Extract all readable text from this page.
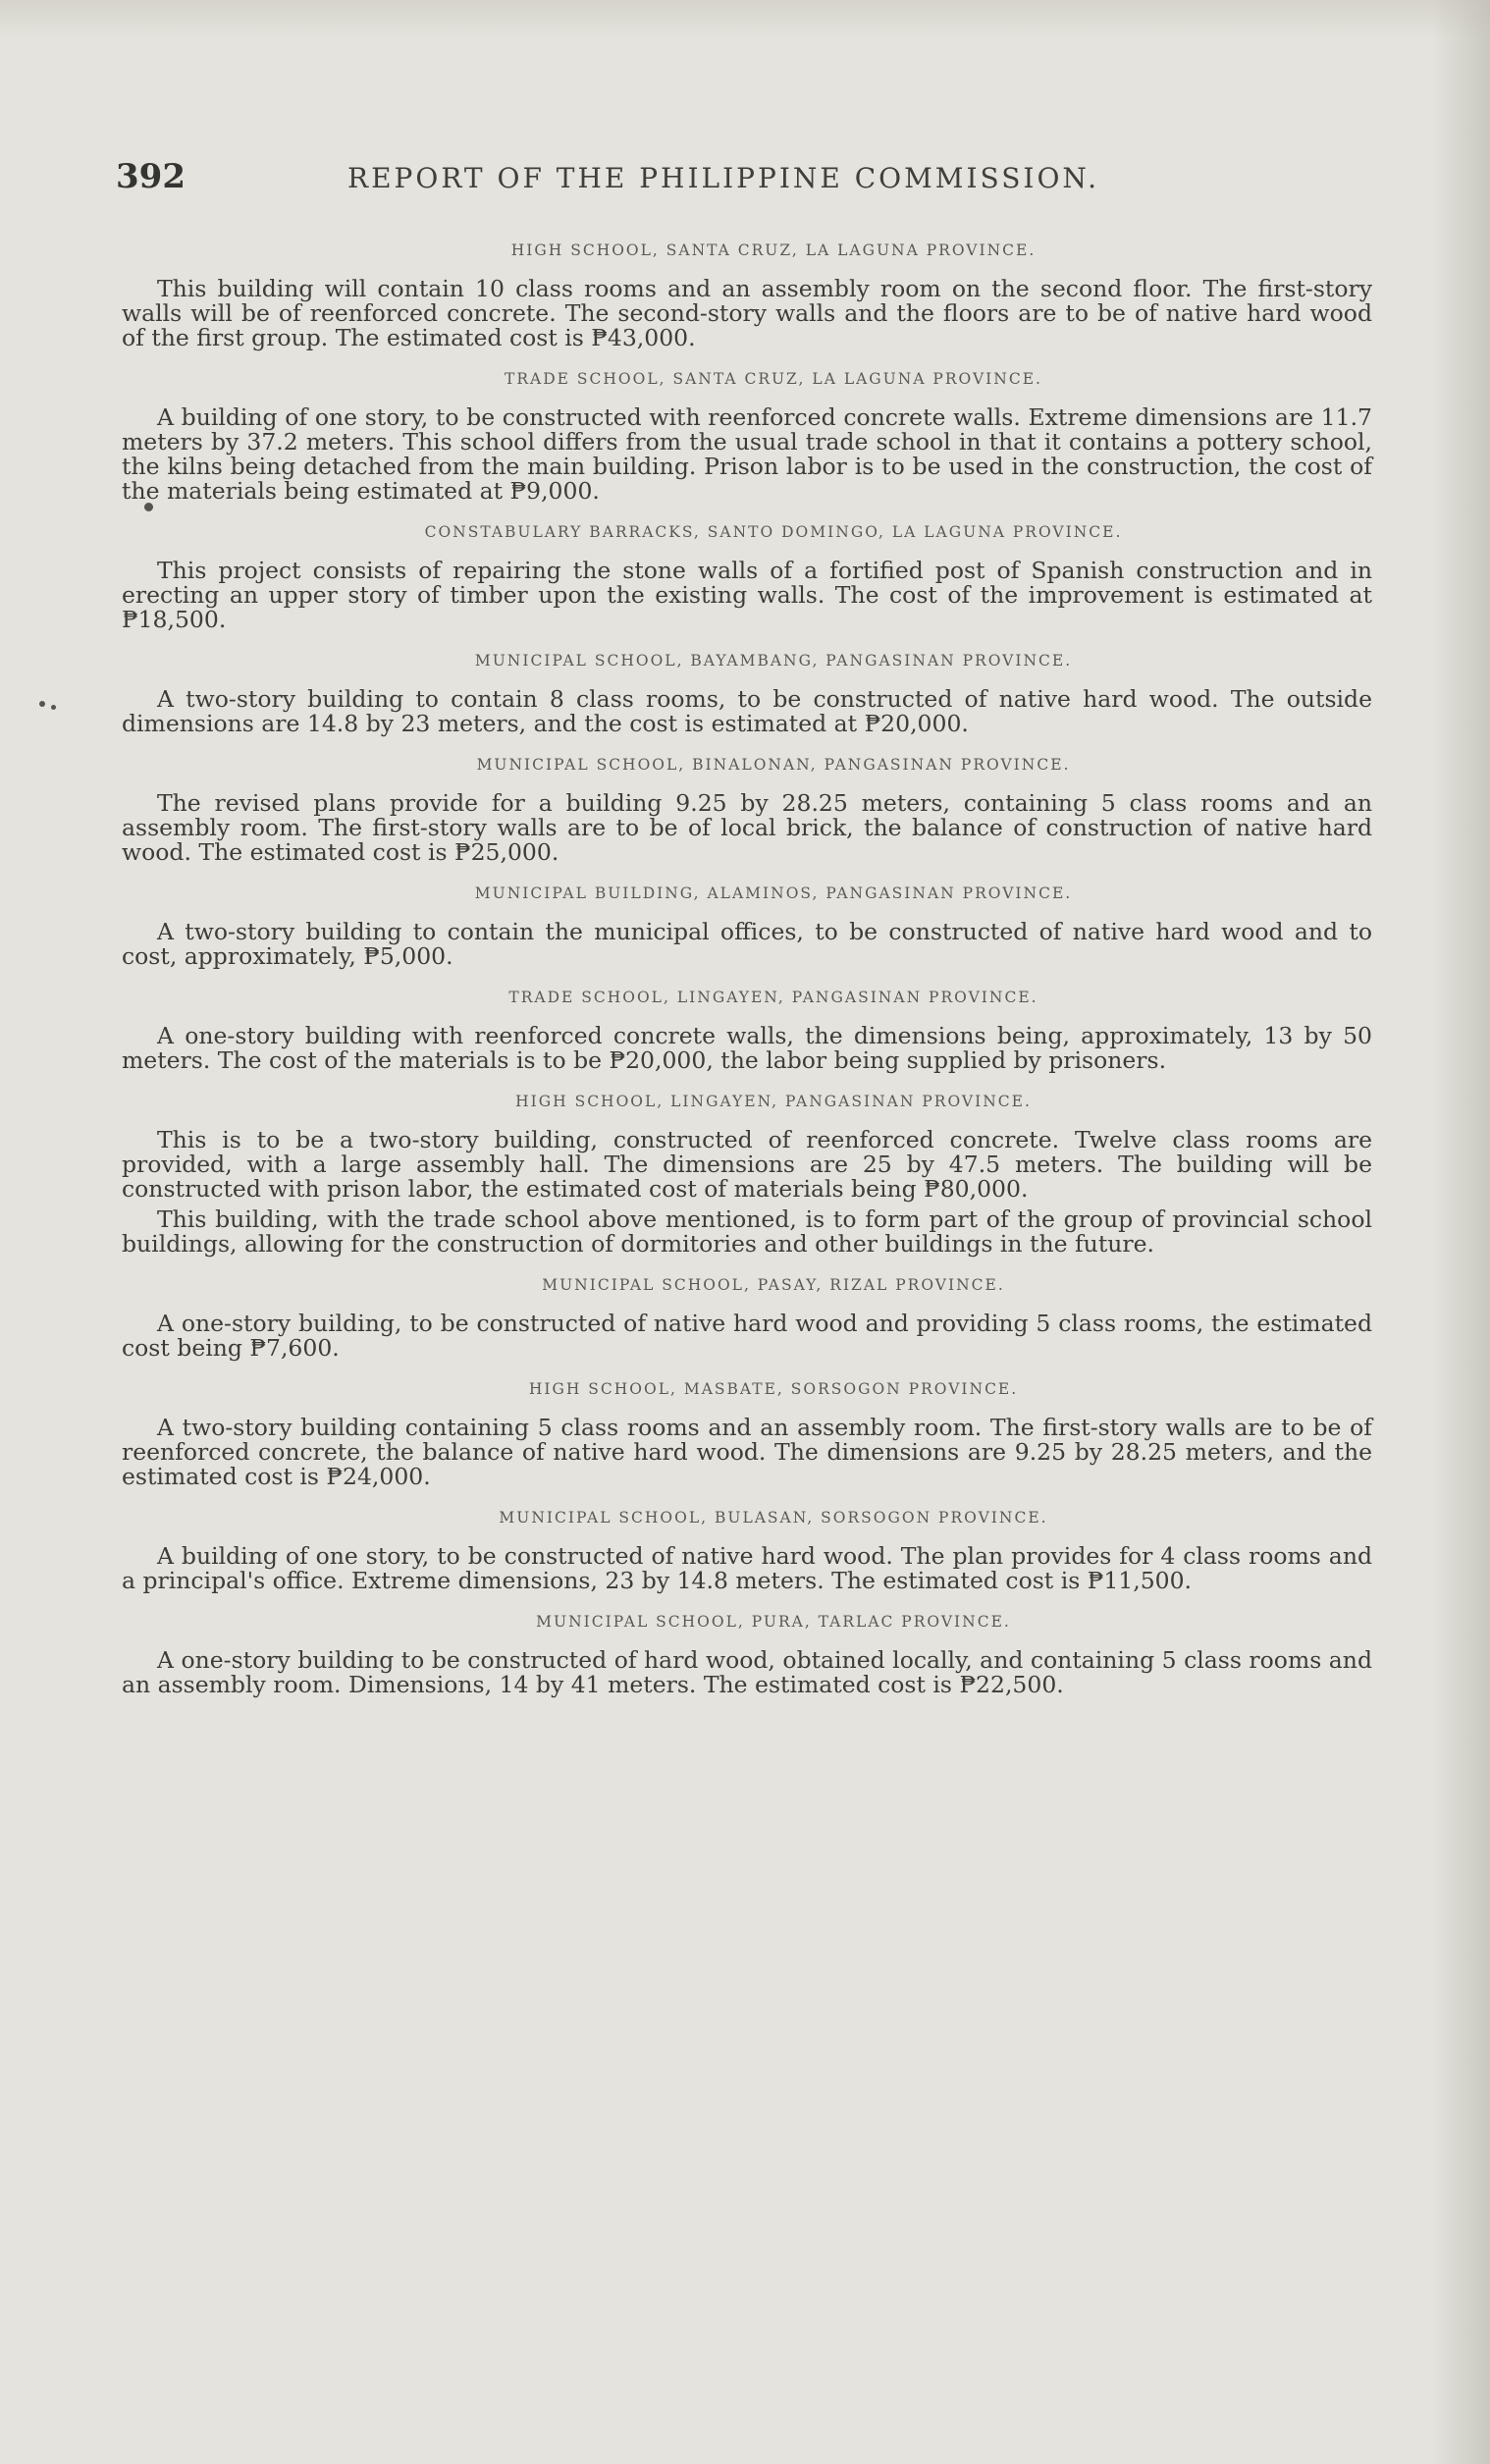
392	REPORT OF THE PHILIPPINE COMMISSION.
HIGH SCHOOL, SANTA CRUZ, LA LAGUNA PROVINCE.

This building will contain 10 class rooms and an assembly room on the second floor. The first-story walls will be of reenforced concrete. The second-story walls and the floors are to be of native hard wood of the first group. The estimated cost is ₱43,000.

TRADE SCHOOL, SANTA CRUZ, LA LAGUNA PROVINCE.

A building of one story, to be constructed with reenforced concrete walls. Extreme dimensions are 11.7 meters by 37.2 meters. This school differs from the usual trade school in that it contains a pottery school, the kilns being detached from the main building. Prison labor is to be used in the construction, the cost of the materials being estimated at ₱9,000.

CONSTABULARY BARRACKS, SANTO DOMINGO, LA LAGUNA PROVINCE.

This project consists of repairing the stone walls of a fortified post of Spanish construction and in erecting an upper story of timber upon the existing walls. The cost of the improvement is estimated at ₱18,500.

MUNICIPAL SCHOOL, BAYAMBANG, PANGASINAN PROVINCE.

A two-story building to contain 8 class rooms, to be constructed of native hard wood. The outside dimensions are 14.8 by 23 meters, and the cost is estimated at ₱20,000.

MUNICIPAL SCHOOL, BINALONAN, PANGASINAN PROVINCE.

The revised plans provide for a building 9.25 by 28.25 meters, containing 5 class rooms and an assembly room. The first-story walls are to be of local brick, the balance of construction of native hard wood. The estimated cost is ₱25,000.

MUNICIPAL BUILDING, ALAMINOS, PANGASINAN PROVINCE.

A two-story building to contain the municipal offices, to be constructed of native hard wood and to cost, approximately, ₱5,000.

TRADE SCHOOL, LINGAYEN, PANGASINAN PROVINCE.

A one-story building with reenforced concrete walls, the dimensions being, approximately, 13 by 50 meters. The cost of the materials is to be ₱20,000, the labor being supplied by prisoners.

HIGH SCHOOL, LINGAYEN, PANGASINAN PROVINCE.

This is to be a two-story building, constructed of reenforced concrete. Twelve class rooms are provided, with a large assembly hall. The dimensions are 25 by 47.5 meters. The building will be constructed with prison labor, the estimated cost of materials being ₱80,000.

This building, with the trade school above mentioned, is to form part of the group of provincial school buildings, allowing for the construction of dormitories and other buildings in the future.

MUNICIPAL SCHOOL, PASAY, RIZAL PROVINCE.

A one-story building, to be constructed of native hard wood and providing 5 class rooms, the estimated cost being ₱7,600.

HIGH SCHOOL, MASBATE, SORSOGON PROVINCE.

A two-story building containing 5 class rooms and an assembly room. The first-story walls are to be of reenforced concrete, the balance of native hard wood. The dimensions are 9.25 by 28.25 meters, and the estimated cost is ₱24,000.

MUNICIPAL SCHOOL, BULASAN, SORSOGON PROVINCE.

A building of one story, to be constructed of native hard wood. The plan provides for 4 class rooms and a principal's office. Extreme dimensions, 23 by 14.8 meters. The estimated cost is ₱11,500.

MUNICIPAL SCHOOL, PURA, TARLAC PROVINCE.

A one-story building to be constructed of hard wood, obtained locally, and containing 5 class rooms and an assembly room. Dimensions, 14 by 41 meters. The estimated cost is ₱22,500.
